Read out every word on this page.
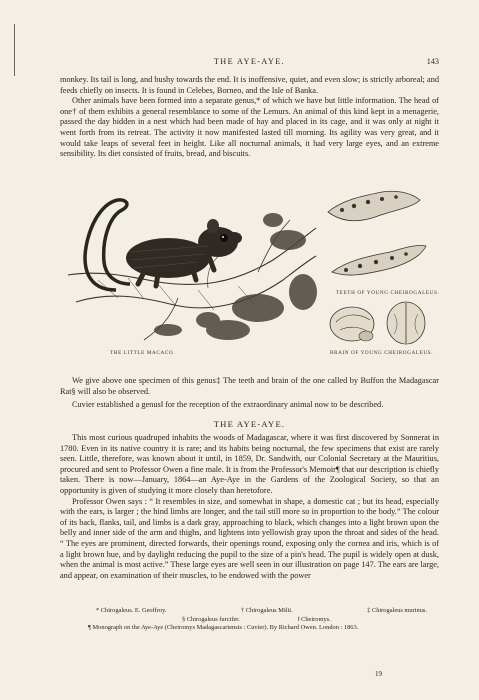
THE AYE-AYE.	143

monkey. Its tail is long, and bushy towards the end. It is inoffensive, quiet, and even slow; is strictly arboreal; and feeds chiefly on insects. It is found in Celebes, Borneo, and the Isle of Banka.

Other animals have been formed into a separate genus,* of which we have but little information. The head of one† of them exhibits a general resemblance to some of the Lemurs. An animal of this kind kept in a menagerie, passed the day hidden in a nest which had been made of hay and placed in its cage, and it was only at night it went forth from its retreat. The activity it now manifested lasted till morning. Its agility was very great, and it would take leaps of several feet in height. Like all nocturnal animals, it had very large eyes, and an extreme sensibility. Its diet consisted of fruits, bread, and biscuits.

TEETH OF YOUNG CHEIROGALEUS.
THE LITTLE MACACO.	BRAIN OF YOUNG CHEIROGALEUS.

We give above one specimen of this genus‡ The teeth and brain of the one called by Buffon the Madagascar Rat§ will also be observed.

Cuvier established a genus‖ for the reception of the extraordinary animal now to be described.

THE AYE-AYE.

This most curious quadruped inhabits the woods of Madagascar, where it was first discovered by Sonnerat in 1780. Even in its native country it is rare; and its habits being nocturnal, the few specimens that exist are rarely seen. Little, therefore, was known about it until, in 1859, Dr. Sandwith, our Colonial Secretary at the Mauritius, procured and sent to Professor Owen a fine male. It is from the Professor's Memoir¶ that our description is chiefly taken. There is now—January, 1864—an Aye-Aye in the Gardens of the Zoological Society, so that an opportunity is given of studying it more closely than heretofore.

Professor Owen says : “ It resembles in size, and somewhat in shape, a domestic cat ; but its head, especially with the ears, is larger ; the hind limbs are longer, and the tail still more so in proportion to the body.” The colour of its back, flanks, tail, and limbs is a dark gray, approaching to black, which changes into a light brown upon the belly and inner side of the arm and thighs, and lightens into yellowish gray upon the throat and sides of the head. “ The eyes are prominent, directed forwards, their openings round, exposing only the cornea and iris, which is of a light brown hue, and by daylight reducing the pupil to the size of a pin's head. The pupil is widely open at dusk, when the animal is most active.” These large eyes are well seen in our illustration on page 147. The ears are large, and appear, on examination of their muscles, to be endowed with the power

* Chirogaleus. E. Geoffroy.	† Chirogaleus Milii.	‡ Chirogaleus murinus.
§ Chirogaleus furcifer.	‖ Cheiromys.
¶ Monograph on the Aye-Aye (Cheiromys Madagascariensis : Cuvier). By Richard Owen. London : 1863.
19
